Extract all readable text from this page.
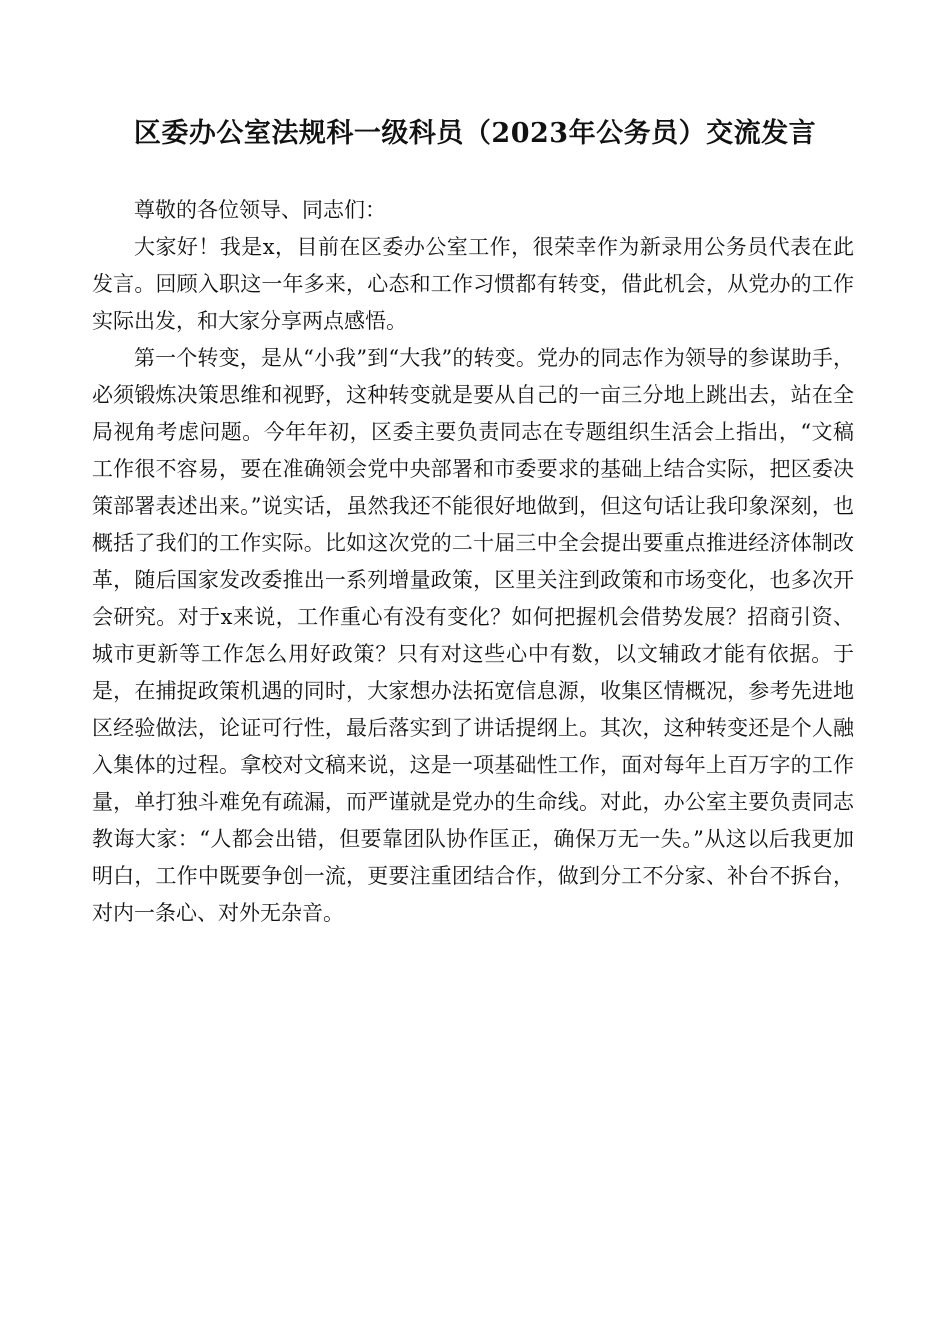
区委办公室法规科一级科员（2023年公务员）交流发言

尊敬的各位领导、同志们：

大家好！我是x，目前在区委办公室工作，很荣幸作为新录用公务员代表在此发言。回顾入职这一年多来，心态和工作习惯都有转变，借此机会，从党办的工作实际出发，和大家分享两点感悟。

第一个转变，是从“小我”到“大我”的转变。党办的同志作为领导的参谋助手，必须锻炼决策思维和视野，这种转变就是要从自己的一亩三分地上跳出去，站在全局视角考虑问题。今年年初，区委主要负责同志在专题组织生活会上指出，“文稿工作很不容易，要在准确领会党中央部署和市委要求的基础上结合实际，把区委决策部署表述出来。”说实话，虽然我还不能很好地做到，但这句话让我印象深刻，也概括了我们的工作实际。比如这次党的二十届三中全会提出要重点推进经济体制改革，随后国家发改委推出一系列增量政策，区里关注到政策和市场变化，也多次开会研究。对于x来说，工作重心有没有变化？如何把握机会借势发展？招商引资、城市更新等工作怎么用好政策？只有对这些心中有数，以文辅政才能有依据。于是，在捕捉政策机遇的同时，大家想办法拓宽信息源，收集区情概况，参考先进地区经验做法，论证可行性，最后落实到了讲话提纲上。其次，这种转变还是个人融入集体的过程。拿校对文稿来说，这是一项基础性工作，面对每年上百万字的工作量，单打独斗难免有疏漏，而严谨就是党办的生命线。对此，办公室主要负责同志教诲大家：“人都会出错，但要靠团队协作匡正，确保万无一失。”从这以后我更加明白，工作中既要争创一流，更要注重团结合作，做到分工不分家、补台不拆台，对内一条心、对外无杂音。
